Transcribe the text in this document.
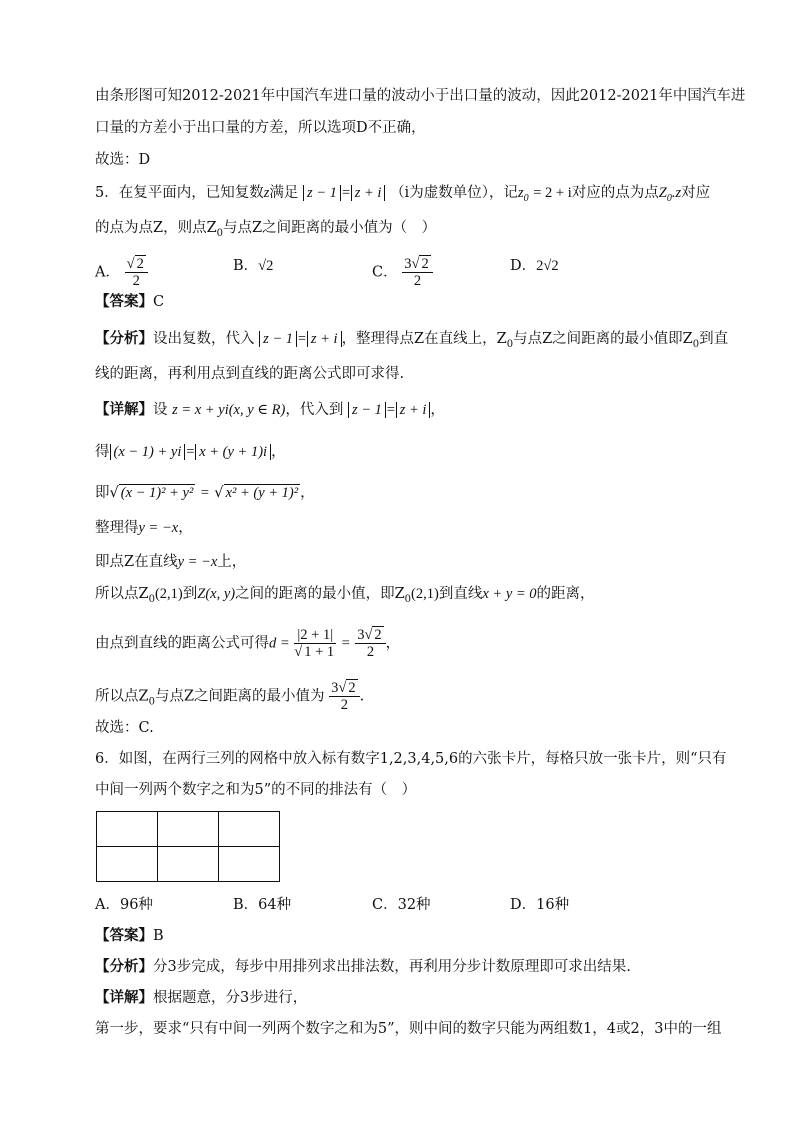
由条形图可知2012-2021年中国汽车进口量的波动小于出口量的波动，因此2012-2021年中国汽车进
口量的方差小于出口量的方差，所以选项D不正确，
故选：D
5．在复平面内，已知复数z满足 z − 1 = z + i （i为虚数单位），记$z_0 = 2 + i$对应的点为点$Z_0.z$对应
的点为点Z，则点$Z_0$与点Z之间距离的最小值为（　）
A． $\frac{√ 2}{2}$	B．√2	C． $\frac{3√ 2}{2}$	D．2√2
【答案】C
【分析】设出复数，代入 z − 1 = z + i ，整理得点Z在直线上，$Z_0$与点Z之间距离的最小值即$Z_0$到直
线的距离，再利用点到直线的距离公式即可求得.
【详解】设 z = x + yi(x, y ∈ R)，代入到 z − 1 = z + i ，
得 (x − 1) + yi = x + (y + 1)i ，
即√ (x − 1)² + y² = √ x² + (y + 1)² ，
整理得y = −x，
即点Z在直线y = −x上，
所以点$Z_0(2,1)$到Z(x, y)之间的距离的最小值，即$Z_0(2,1)$到直线x + y = 0的距离，
由点到直线的距离公式可得$d = \frac{|2 + 1|}{√ 1 + 1} = \frac{3√ 2}{2}$ ，
所以点$Z_0$与点Z之间距离的最小值为 $\frac{3√ 2}{2}$ .
故选：C.
6．如图，在两行三列的网格中放入标有数字1,2,3,4,5,6的六张卡片，每格只放一张卡片，则“只有
中间一列两个数字之和为5”的不同的排法有（　）

A．96种	B．64种	C．32种	D．16种
【答案】B
【分析】分3步完成，每步中用排列求出排法数，再利用分步计数原理即可求出结果.
【详解】根据题意，分3步进行，
第一步，要求“只有中间一列两个数字之和为5”，则中间的数字只能为两组数1，4或2，3中的一组
